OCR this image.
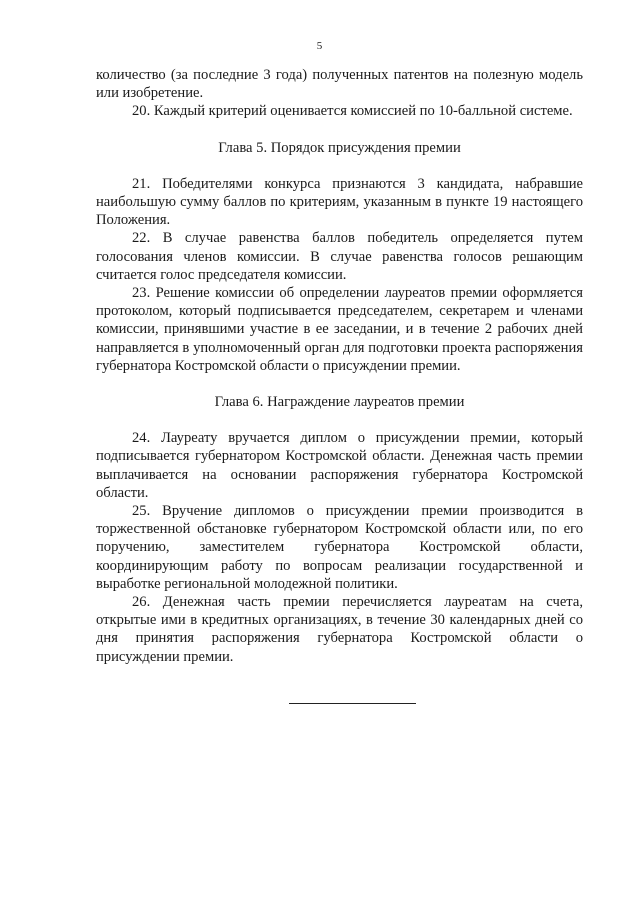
5

количество (за последние 3 года) полученных патентов на полезную модель или изобретение.

20. Каждый критерий оценивается комиссией по 10-балльной системе.

Глава 5. Порядок присуждения премии

21. Победителями конкурса признаются 3 кандидата, набравшие наибольшую сумму баллов по критериям, указанным в пункте 19 настоящего Положения.

22. В случае равенства баллов победитель определяется путем голосования членов комиссии. В случае равенства голосов решающим считается голос председателя комиссии.

23. Решение комиссии об определении лауреатов премии оформляется протоколом, который подписывается председателем, секретарем и членами комиссии, принявшими участие в ее заседании, и в течение 2 рабочих дней направляется в уполномоченный орган для подготовки проекта распоряжения губернатора Костромской области о присуждении премии.

Глава 6. Награждение лауреатов премии

24. Лауреату вручается диплом о присуждении премии, который подписывается губернатором Костромской области. Денежная часть премии выплачивается на основании распоряжения губернатора Костромской области.

25. Вручение дипломов о присуждении премии производится в торжественной обстановке губернатором Костромской области или, по его поручению, заместителем губернатора Костромской области, координирующим работу по вопросам реализации государственной и выработке региональной молодежной политики.

26. Денежная часть премии перечисляется лауреатам на счета, открытые ими в кредитных организациях, в течение 30 календарных дней со дня принятия распоряжения губернатора Костромской области о присуждении премии.
